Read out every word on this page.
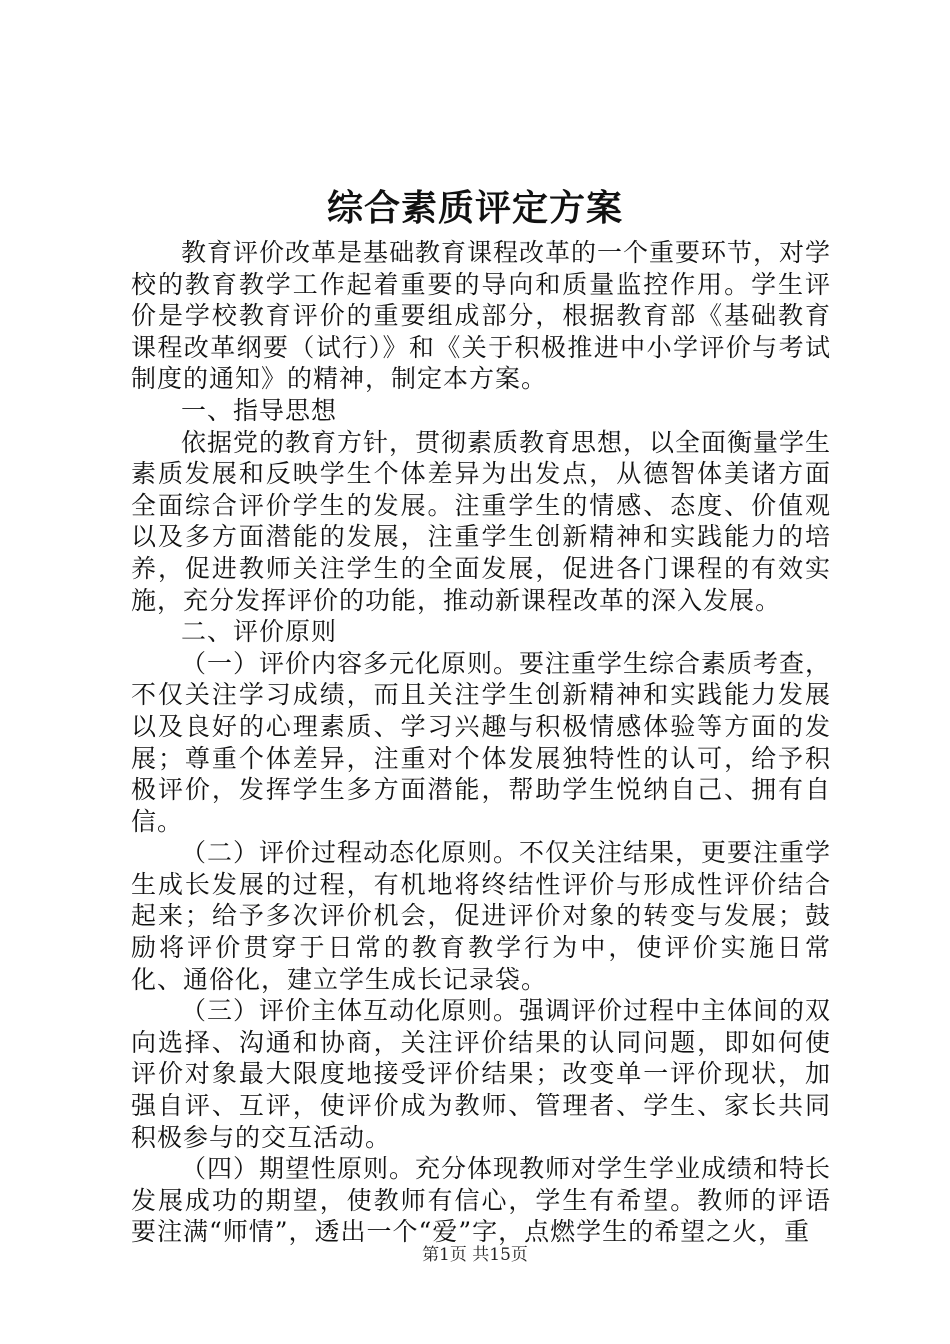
综合素质评定方案

教育评价改革是基础教育课程改革的一个重要环节，对学校的教育教学工作起着重要的导向和质量监控作用。学生评价是学校教育评价的重要组成部分，根据教育部《基础教育课程改革纲要（试行）》和《关于积极推进中小学评价与考试制度的通知》的精神，制定本方案。

一、指导思想

依据党的教育方针，贯彻素质教育思想，以全面衡量学生素质发展和反映学生个体差异为出发点，从德智体美诸方面全面综合评价学生的发展。注重学生的情感、态度、价值观以及多方面潜能的发展，注重学生创新精神和实践能力的培养，促进教师关注学生的全面发展，促进各门课程的有效实施，充分发挥评价的功能，推动新课程改革的深入发展。

二、评价原则

（一）评价内容多元化原则。要注重学生综合素质考查，不仅关注学习成绩，而且关注学生创新精神和实践能力发展以及良好的心理素质、学习兴趣与积极情感体验等方面的发展；尊重个体差异，注重对个体发展独特性的认可，给予积极评价，发挥学生多方面潜能，帮助学生悦纳自己、拥有自信。

（二）评价过程动态化原则。不仅关注结果，更要注重学生成长发展的过程，有机地将终结性评价与形成性评价结合起来；给予多次评价机会，促进评价对象的转变与发展；鼓励将评价贯穿于日常的教育教学行为中，使评价实施日常化、通俗化，建立学生成长记录袋。

（三）评价主体互动化原则。强调评价过程中主体间的双向选择、沟通和协商，关注评价结果的认同问题，即如何使评价对象最大限度地接受评价结果；改变单一评价现状，加强自评、互评，使评价成为教师、管理者、学生、家长共同积极参与的交互活动。

（四）期望性原则。充分体现教师对学生学业成绩和特长发展成功的期望，使教师有信心，学生有希望。教师的评语要注满“师情”，透出一个“爱”字，点燃学生的希望之火，重

第1页 共15页
